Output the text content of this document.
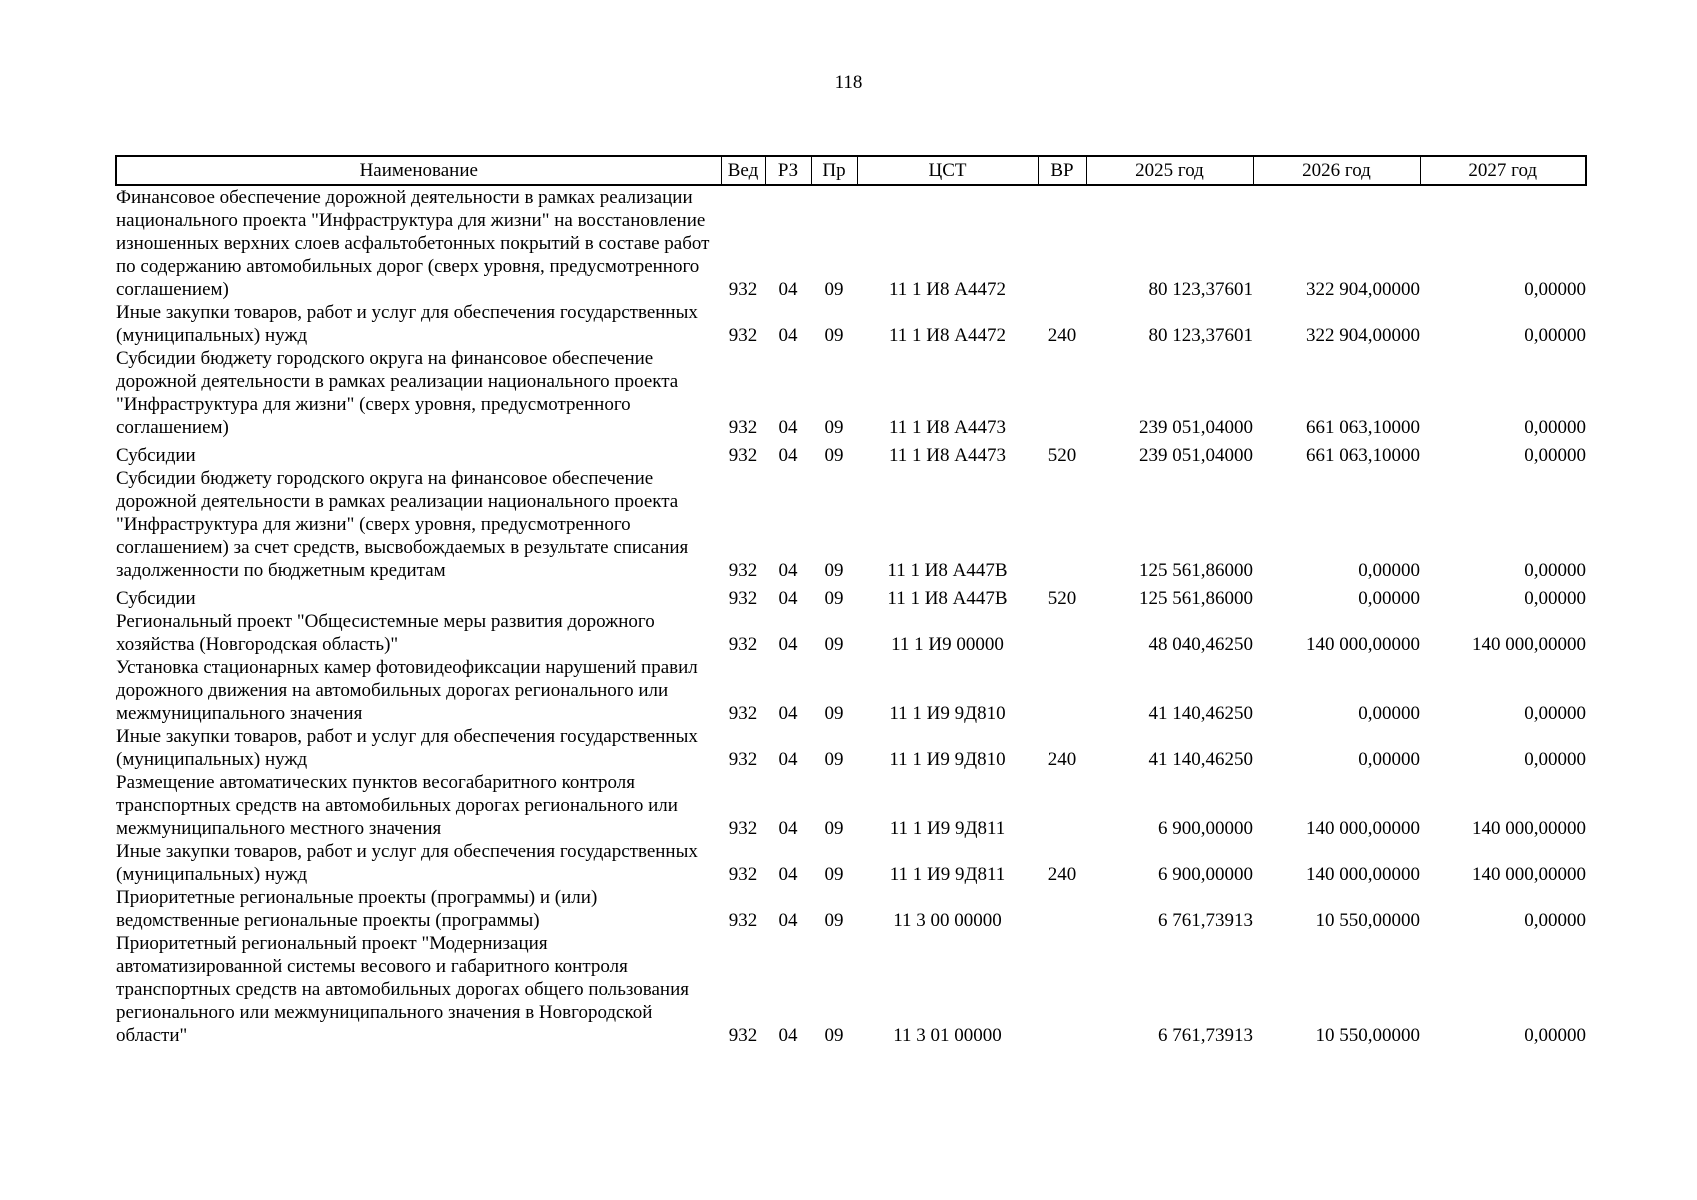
118
Наименование	Вед	РЗ	Пр	ЦСТ	ВР	2025 год	2026 год	2027 год
Финансовое обеспечение дорожной деятельности в рамках реализации национального проекта "Инфраструктура для жизни" на восстановление изношенных верхних слоев асфальтобетонных покрытий в составе работ по содержанию автомобильных дорог (сверх уровня, предусмотренного соглашением)	932	04	09	11 1 И8 А4472		80 123,37601	322 904,00000	0,00000
Иные закупки товаров, работ и услуг для обеспечения государственных (муниципальных) нужд	932	04	09	11 1 И8 А4472	240	80 123,37601	322 904,00000	0,00000
Субсидии бюджету городского округа на финансовое обеспечение дорожной деятельности в рамках реализации национального проекта "Инфраструктура для жизни" (сверх уровня, предусмотренного соглашением)	932	04	09	11 1 И8 А4473		239 051,04000	661 063,10000	0,00000
Субсидии	932	04	09	11 1 И8 А4473	520	239 051,04000	661 063,10000	0,00000
Субсидии бюджету городского округа на финансовое обеспечение дорожной деятельности в рамках реализации национального проекта "Инфраструктура для жизни" (сверх уровня, предусмотренного соглашением) за счет средств, высвобождаемых в результате списания задолженности по бюджетным кредитам	932	04	09	11 1 И8 А447В		125 561,86000	0,00000	0,00000
Субсидии	932	04	09	11 1 И8 А447В	520	125 561,86000	0,00000	0,00000
Региональный проект "Общесистемные меры развития дорожного хозяйства (Новгородская область)"	932	04	09	11 1 И9 00000		48 040,46250	140 000,00000	140 000,00000
Установка стационарных камер фотовидеофиксации нарушений правил дорожного движения на автомобильных дорогах регионального или межмуниципального значения	932	04	09	11 1 И9 9Д810		41 140,46250	0,00000	0,00000
Иные закупки товаров, работ и услуг для обеспечения государственных (муниципальных) нужд	932	04	09	11 1 И9 9Д810	240	41 140,46250	0,00000	0,00000
Размещение автоматических пунктов весогабаритного контроля транспортных средств на автомобильных дорогах регионального или межмуниципального местного значения	932	04	09	11 1 И9 9Д811		6 900,00000	140 000,00000	140 000,00000
Иные закупки товаров, работ и услуг для обеспечения государственных (муниципальных) нужд	932	04	09	11 1 И9 9Д811	240	6 900,00000	140 000,00000	140 000,00000
Приоритетные региональные проекты (программы) и (или) ведомственные региональные проекты (программы)	932	04	09	11 3 00 00000		6 761,73913	10 550,00000	0,00000
Приоритетный региональный проект "Модернизация автоматизированной системы весового и габаритного контроля транспортных средств на автомобильных дорогах общего пользования регионального или межмуниципального значения в Новгородской области"	932	04	09	11 3 01 00000		6 761,73913	10 550,00000	0,00000
